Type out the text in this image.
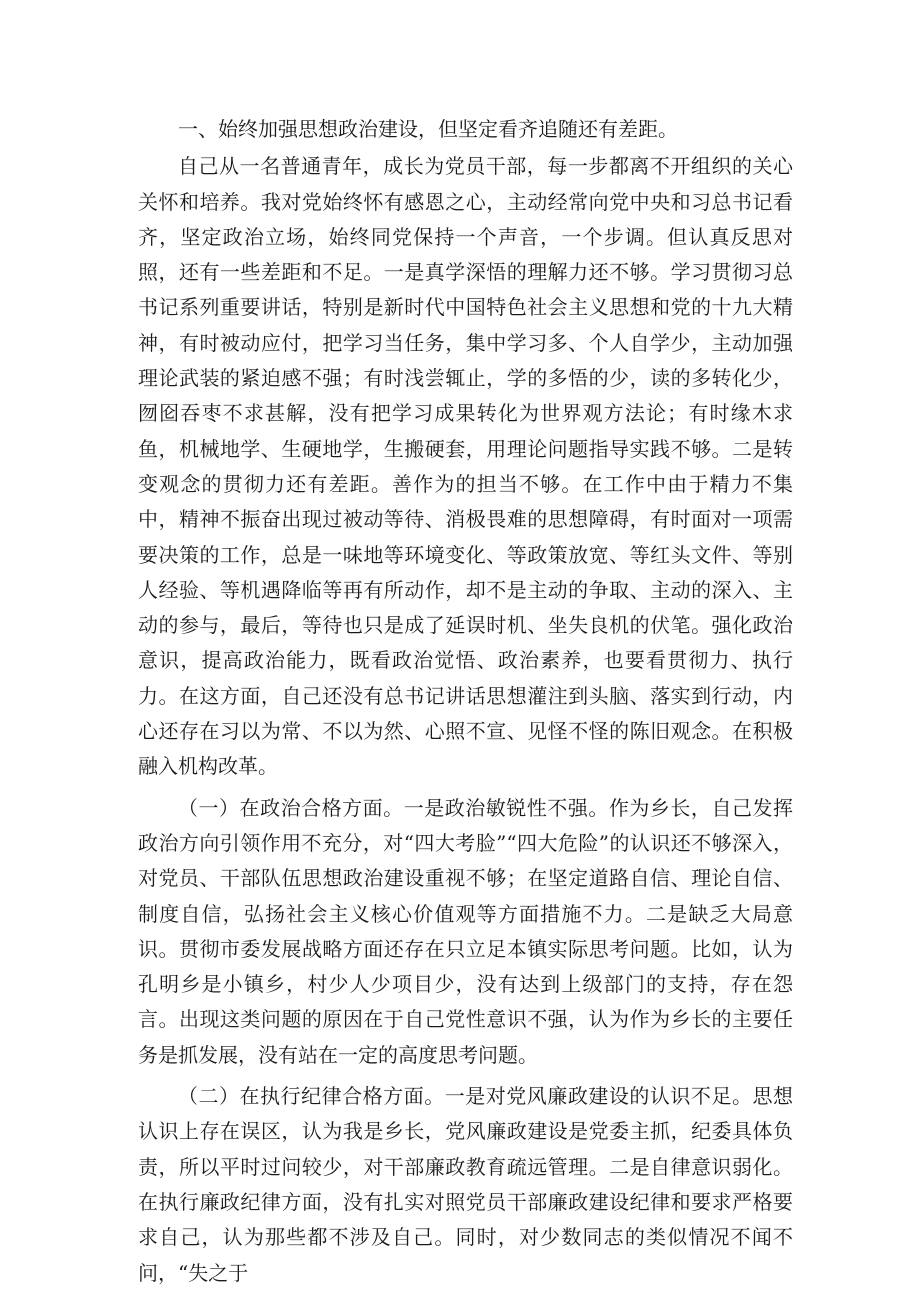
一、始终加强思想政治建设，但坚定看齐追随还有差距。

自己从一名普通青年，成长为党员干部，每一步都离不开组织的关心关怀和培养。我对党始终怀有感恩之心，主动经常向党中央和习总书记看齐，坚定政治立场，始终同党保持一个声音，一个步调。但认真反思对照，还有一些差距和不足。一是真学深悟的理解力还不够。学习贯彻习总书记系列重要讲话，特别是新时代中国特色社会主义思想和党的十九大精神，有时被动应付，把学习当任务，集中学习多、个人自学少，主动加强理论武装的紧迫感不强；有时浅尝辄止，学的多悟的少，读的多转化少，囫囵吞枣不求甚解，没有把学习成果转化为世界观方法论；有时缘木求鱼，机械地学、生硬地学，生搬硬套，用理论问题指导实践不够。二是转变观念的贯彻力还有差距。善作为的担当不够。在工作中由于精力不集中，精神不振奋出现过被动等待、消极畏难的思想障碍，有时面对一项需要决策的工作，总是一味地等环境变化、等政策放宽、等红头文件、等别人经验、等机遇降临等再有所动作，却不是主动的争取、主动的深入、主动的参与，最后，等待也只是成了延误时机、坐失良机的伏笔。强化政治意识，提高政治能力，既看政治觉悟、政治素养，也要看贯彻力、执行力。在这方面，自己还没有总书记讲话思想灌注到头脑、落实到行动，内心还存在习以为常、不以为然、心照不宣、见怪不怪的陈旧观念。在积极融入机构改革。

（一）在政治合格方面。一是政治敏锐性不强。作为乡长，自己发挥政治方向引领作用不充分，对“四大考脸”“四大危险”的认识还不够深入，对党员、干部队伍思想政治建设重视不够；在坚定道路自信、理论自信、制度自信，弘扬社会主义核心价值观等方面措施不力。二是缺乏大局意识。贯彻市委发展战略方面还存在只立足本镇实际思考问题。比如，认为孔明乡是小镇乡，村少人少项目少，没有达到上级部门的支持，存在怨言。出现这类问题的原因在于自己党性意识不强，认为作为乡长的主要任务是抓发展，没有站在一定的高度思考问题。

（二）在执行纪律合格方面。一是对党风廉政建设的认识不足。思想认识上存在误区，认为我是乡长，党风廉政建设是党委主抓，纪委具体负责，所以平时过问较少，对干部廉政教育疏远管理。二是自律意识弱化。在执行廉政纪律方面，没有扎实对照党员干部廉政建设纪律和要求严格要求自己，认为那些都不涉及自己。同时，对少数同志的类似情况不闻不问，“失之于
